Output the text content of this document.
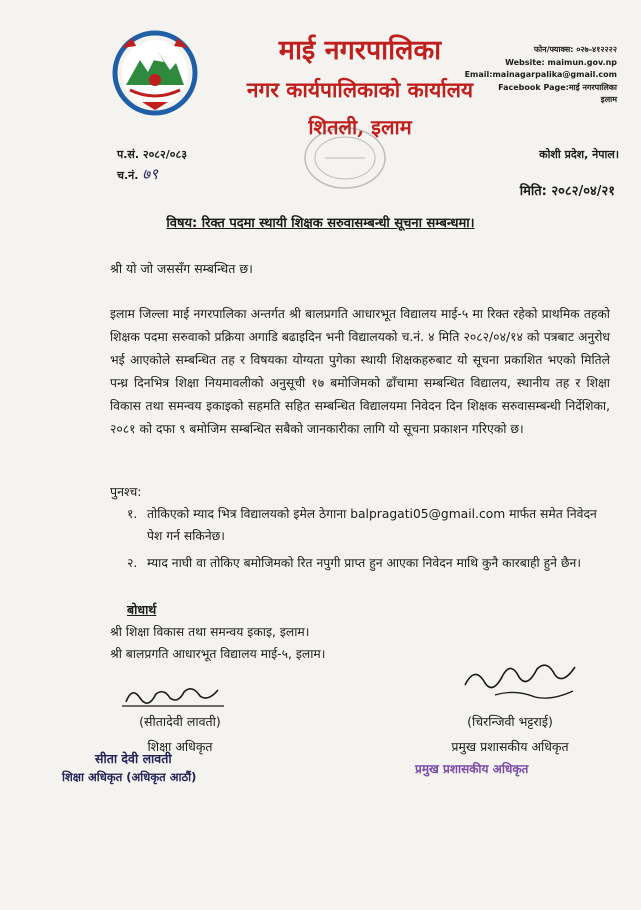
माई नगरपालिका
नगर कार्यपालिकाको कार्यालय
शितली, इलाम
फोन/फ्याक्स: ०२७-४१२२२२
Website: maimun.gov.np
Email:mainagarpalika@gmail.com
Facebook Page:माई नगरपालिका
इलाम
प.सं. २०८२/०८३
च.नं. ७९
कोशी प्रदेश, नेपाल।
मिति: २०८२/०४/२१
विषय: रिक्त पदमा स्थायी शिक्षक सरुवासम्बन्धी सूचना सम्बन्धमा।
श्री यो जो जससँग सम्बन्धित छ।
इलाम जिल्ला माई नगरपालिका अन्तर्गत श्री बालप्रगति आधारभूत विद्यालय माई-५ मा रिक्त रहेको प्राथमिक तहको शिक्षक पदमा सरुवाको प्रक्रिया अगाडि बढाइदिन भनी विद्यालयको च.नं. ४ मिति २०८२/०४/१४ को पत्रबाट अनुरोध भई आएकोले सम्बन्धित तह र विषयका योग्यता पुगेका स्थायी शिक्षकहरुबाट यो सूचना प्रकाशित भएको मितिले पन्ध्र दिनभित्र शिक्षा नियमावलीको अनुसूची १७ बमोजिमको ढाँचामा सम्बन्धित विद्यालय, स्थानीय तह र शिक्षा विकास तथा समन्वय इकाइको सहमति सहित सम्बन्धित विद्यालयमा निवेदन दिन शिक्षक सरुवासम्बन्धी निर्देशिका, २०८१ को दफा ९ बमोजिम सम्बन्धित सबैको जानकारीका लागि यो सूचना प्रकाशन गरिएको छ।
पुनश्च:
१. तोकिएको म्याद भित्र विद्यालयको इमेल ठेगाना balpragati05@gmail.com मार्फत समेत निवेदन पेश गर्न सकिनेछ।
२. म्याद नाघी वा तोकिए बमोजिमको रित नपुगी प्राप्त हुन आएका निवेदन माथि कुनै कारबाही हुने छैन।
बोधार्थ
श्री शिक्षा विकास तथा समन्वय इकाइ, इलाम।
श्री बालप्रगति आधारभूत विद्यालय माई-५, इलाम।
(सीतादेवी लावती)
शिक्षा अधिकृत
सीता देवी लावती
शिक्षा अधिकृत (अधिकृत आठौं)
(चिरन्जिवी भट्टराई)
प्रमुख प्रशासकीय अधिकृत
प्रमुख प्रशासकीय अधिकृत
